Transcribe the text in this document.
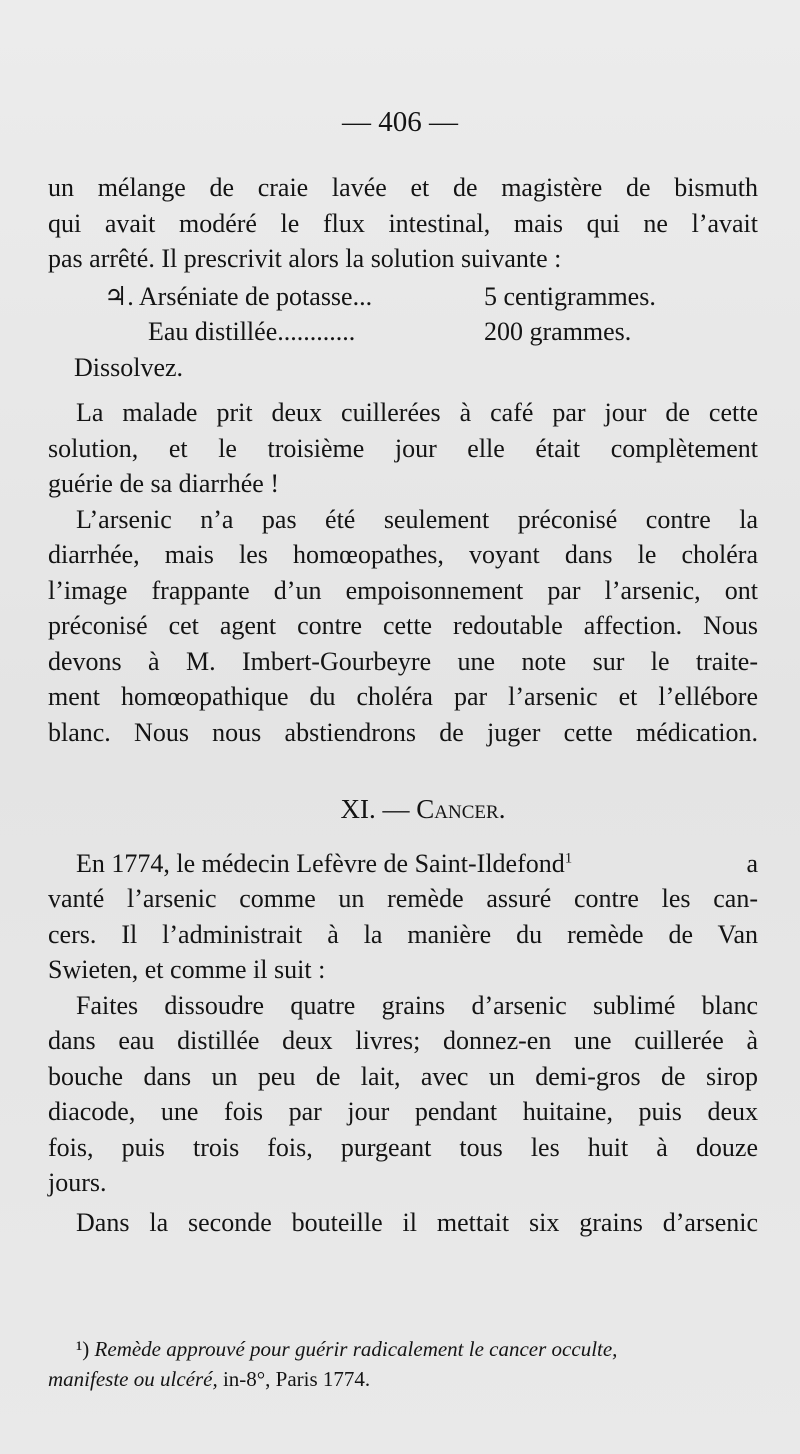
— 406 —
un mélange de craie lavée et de magistère de bismuth
qui avait modéré le flux intestinal, mais qui ne l’avait
pas arrêté. Il prescrivit alors la solution suivante :
♃. Arséniate de potasse...	5 centigrammes.
Eau distillée............	200 grammes.
Dissolvez.
La malade prit deux cuillerées à café par jour de cette
solution, et le troisième jour elle était complètement
guérie de sa diarrhée !
L’arsenic n’a pas été seulement préconisé contre la
diarrhée, mais les homœopathes, voyant dans le choléra
l’image frappante d’un empoisonnement par l’arsenic, ont
préconisé cet agent contre cette redoutable affection. Nous
devons à M. Imbert-Gourbeyre une note sur le traite-
ment homœopathique du choléra par l’arsenic et l’ellébore
blanc. Nous nous abstiendrons de juger cette médication.
XI. — Cancer.
En 1774, le médecin Lefèvre de Saint-Ildefond$^1$	a
vanté l’arsenic comme un remède assuré contre les can-
cers. Il l’administrait à la manière du remède de Van
Swieten, et comme il suit :
Faites dissoudre quatre grains d’arsenic sublimé blanc
dans eau distillée deux livres; donnez-en une cuillerée à
bouche dans un peu de lait, avec un demi-gros de sirop
diacode, une fois par jour pendant huitaine, puis deux
fois, puis trois fois, purgeant tous les huit à douze
jours.
Dans la seconde bouteille il mettait six grains d’arsenic
¹) Remède approuvé pour guérir radicalement le cancer occulte,
manifeste ou ulcéré, in-8°, Paris 1774.
